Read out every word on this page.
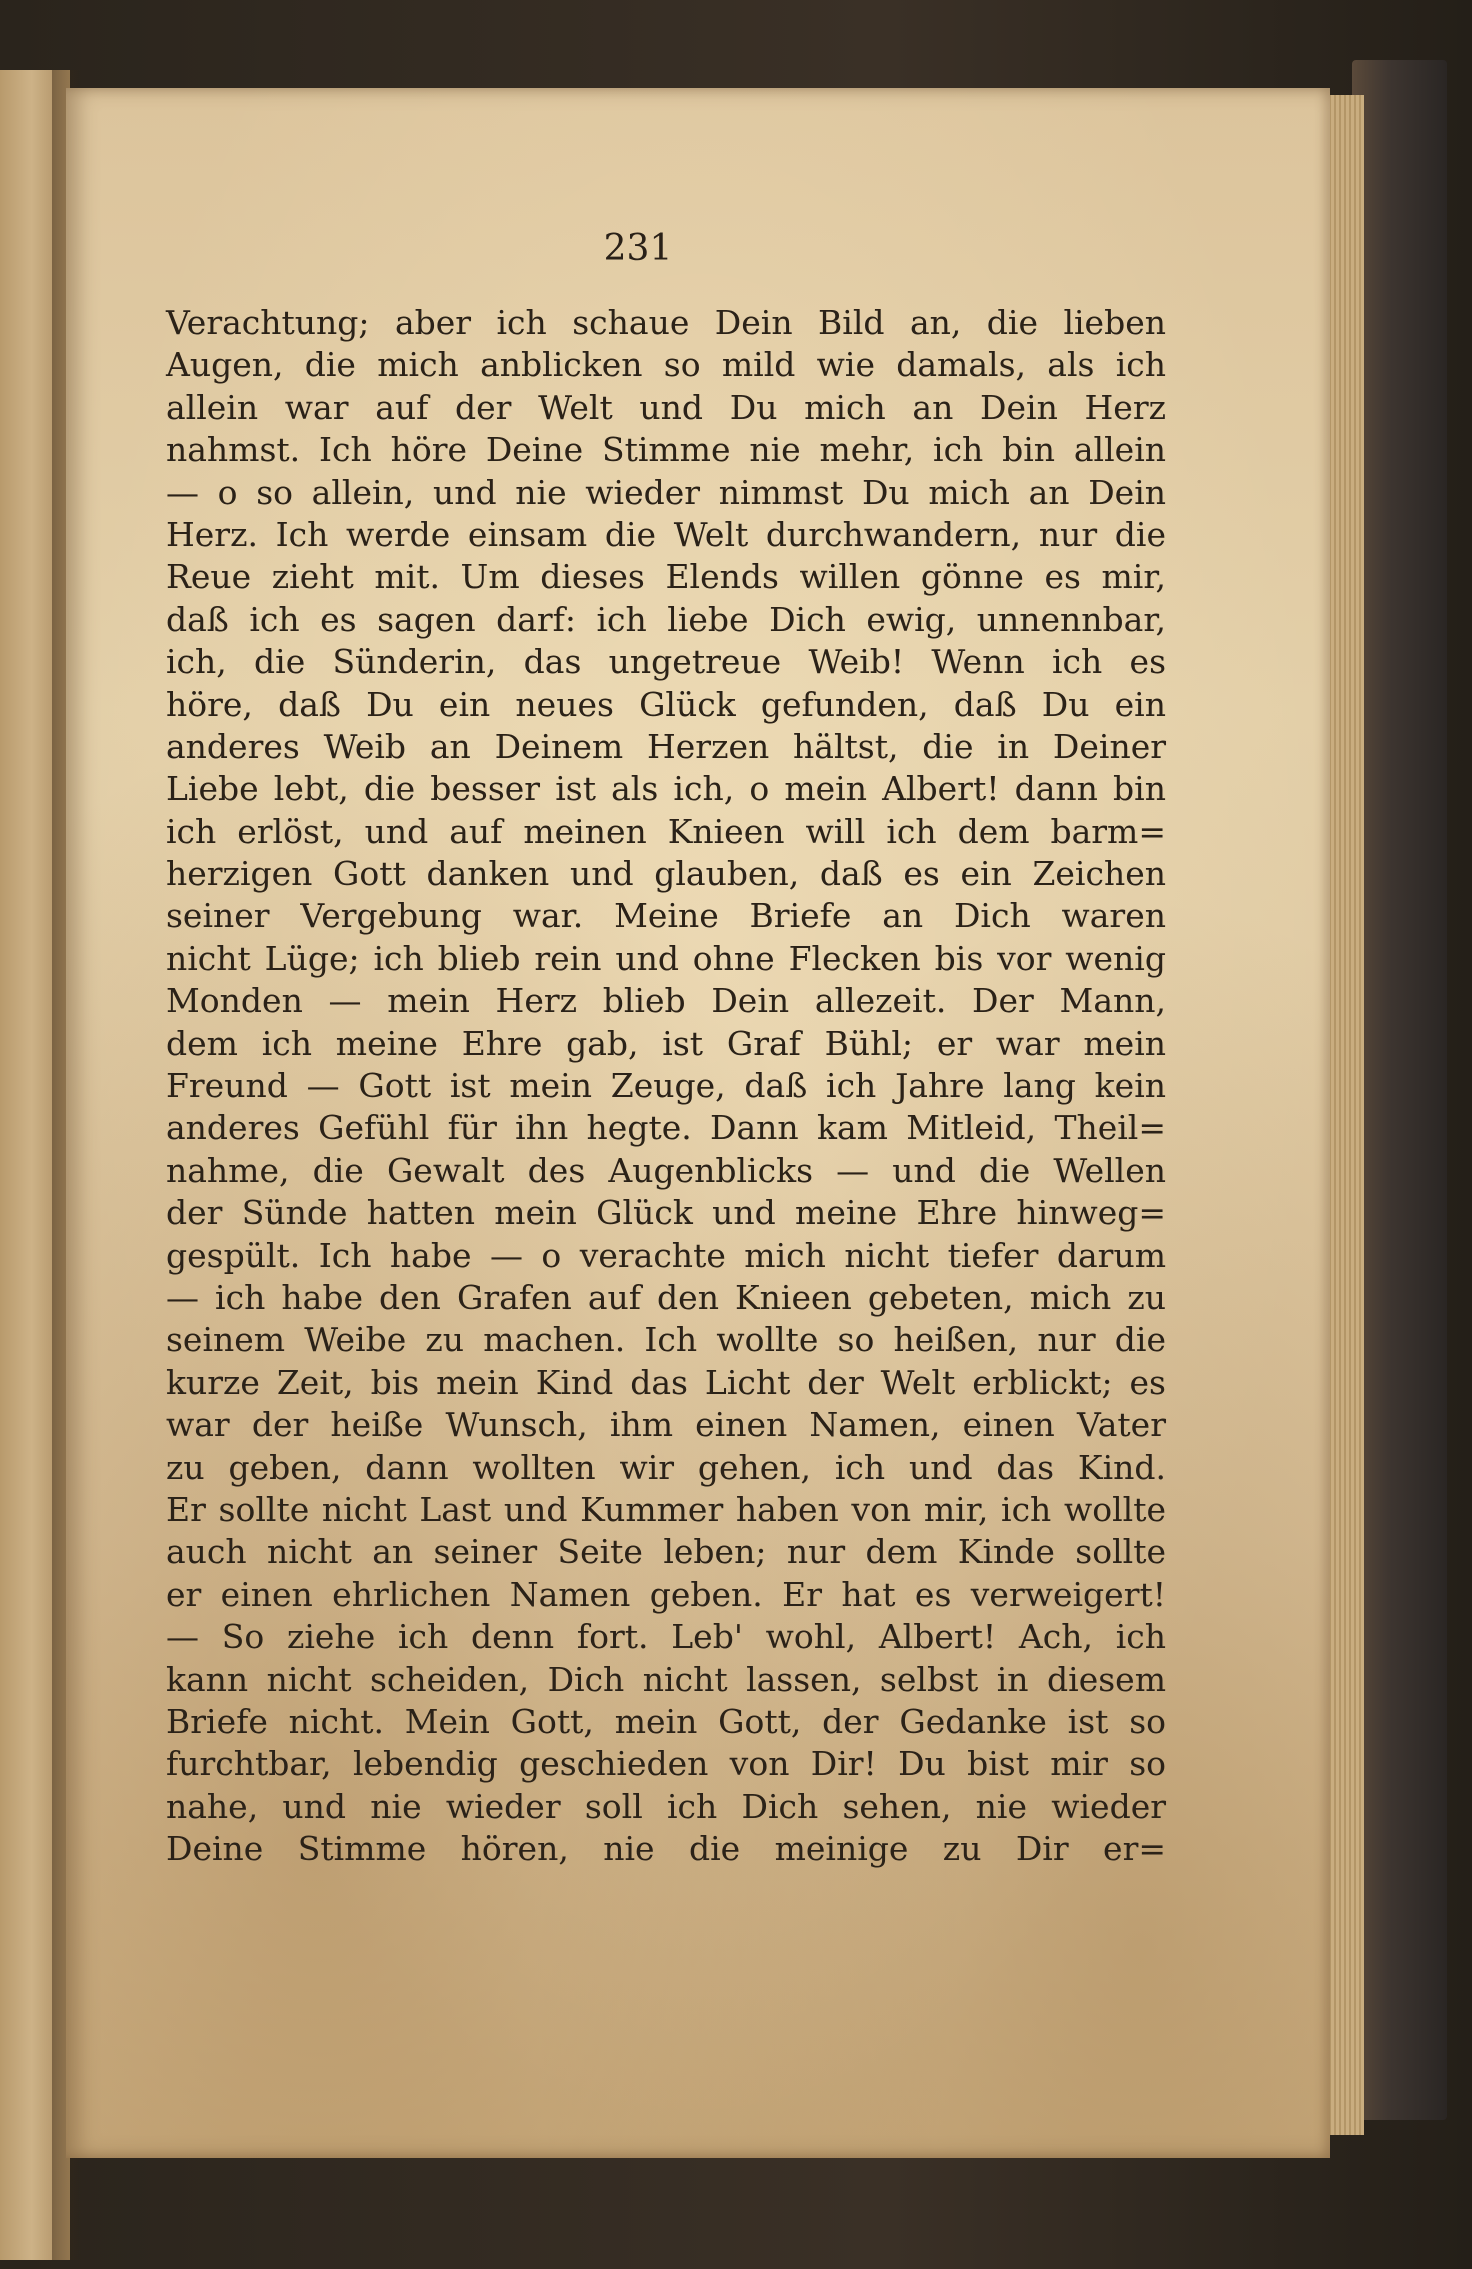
231
Verachtung; aber ich schaue Dein Bild an, die lieben
Augen, die mich anblicken so mild wie damals, als ich
allein war auf der Welt und Du mich an Dein Herz
nahmst. Ich höre Deine Stimme nie mehr, ich bin allein
— o so allein, und nie wieder nimmst Du mich an Dein
Herz. Ich werde einsam die Welt durchwandern, nur die
Reue zieht mit. Um dieses Elends willen gönne es mir,
daß ich es sagen darf: ich liebe Dich ewig, unnennbar,
ich, die Sünderin, das ungetreue Weib! Wenn ich es
höre, daß Du ein neues Glück gefunden, daß Du ein
anderes Weib an Deinem Herzen hältst, die in Deiner
Liebe lebt, die besser ist als ich, o mein Albert! dann bin
ich erlöst, und auf meinen Knieen will ich dem barm=
herzigen Gott danken und glauben, daß es ein Zeichen
seiner Vergebung war. Meine Briefe an Dich waren
nicht Lüge; ich blieb rein und ohne Flecken bis vor wenig
Monden — mein Herz blieb Dein allezeit. Der Mann,
dem ich meine Ehre gab, ist Graf Bühl; er war mein
Freund — Gott ist mein Zeuge, daß ich Jahre lang kein
anderes Gefühl für ihn hegte. Dann kam Mitleid, Theil=
nahme, die Gewalt des Augenblicks — und die Wellen
der Sünde hatten mein Glück und meine Ehre hinweg=
gespült. Ich habe — o verachte mich nicht tiefer darum
— ich habe den Grafen auf den Knieen gebeten, mich zu
seinem Weibe zu machen. Ich wollte so heißen, nur die
kurze Zeit, bis mein Kind das Licht der Welt erblickt; es
war der heiße Wunsch, ihm einen Namen, einen Vater
zu geben, dann wollten wir gehen, ich und das Kind.
Er sollte nicht Last und Kummer haben von mir, ich wollte
auch nicht an seiner Seite leben; nur dem Kinde sollte
er einen ehrlichen Namen geben. Er hat es verweigert!
— So ziehe ich denn fort. Leb' wohl, Albert! Ach, ich
kann nicht scheiden, Dich nicht lassen, selbst in diesem
Briefe nicht. Mein Gott, mein Gott, der Gedanke ist so
furchtbar, lebendig geschieden von Dir! Du bist mir so
nahe, und nie wieder soll ich Dich sehen, nie wieder
Deine Stimme hören, nie die meinige zu Dir er=
